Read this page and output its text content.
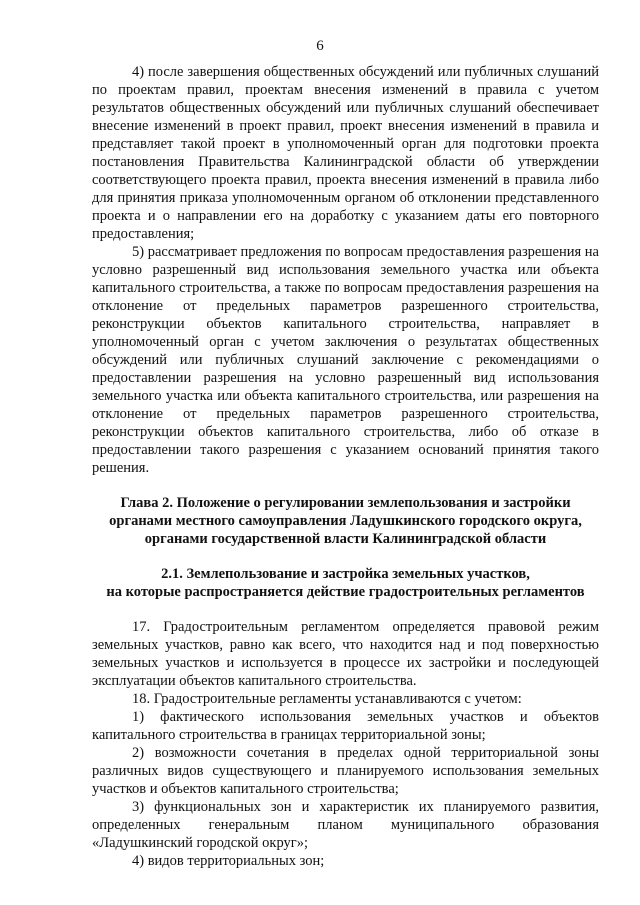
6

4) после завершения общественных обсуждений или публичных слушаний по проектам правил, проектам внесения изменений в правила с учетом результатов общественных обсуждений или публичных слушаний обеспечивает внесение изменений в проект правил, проект внесения изменений в правила и представляет такой проект в уполномоченный орган для подготовки проекта постановления Правительства Калининградской области об утверждении соответствующего проекта правил, проекта внесения изменений в правила либо для принятия приказа уполномоченным органом об отклонении представленного проекта и о направлении его на доработку с указанием даты его повторного предоставления;

5) рассматривает предложения по вопросам предоставления разрешения на условно разрешенный вид использования земельного участка или объекта капитального строительства, а также по вопросам предоставления разрешения на отклонение от предельных параметров разрешенного строительства, реконструкции объектов капитального строительства, направляет в уполномоченный орган с учетом заключения о результатах общественных обсуждений или публичных слушаний заключение с рекомендациями о предоставлении разрешения на условно разрешенный вид использования земельного участка или объекта капитального строительства, или разрешения на отклонение от предельных параметров разрешенного строительства, реконструкции объектов капитального строительства, либо об отказе в предоставлении такого разрешения с указанием оснований принятия такого решения.

Глава 2. Положение о регулировании землепользования и застройки

органами местного самоуправления Ладушкинского городского округа,

органами государственной власти Калининградской области

2.1. Землепользование и застройка земельных участков,

на которые распространяется действие градостроительных регламентов

17. Градостроительным регламентом определяется правовой режим земельных участков, равно как всего, что находится над и под поверхностью земельных участков и используется в процессе их застройки и последующей эксплуатации объектов капитального строительства.

18. Градостроительные регламенты устанавливаются с учетом:

1) фактического использования земельных участков и объектов капитального строительства в границах территориальной зоны;

2) возможности сочетания в пределах одной территориальной зоны различных видов существующего и планируемого использования земельных участков и объектов капитального строительства;

3) функциональных зон и характеристик их планируемого развития, определенных генеральным планом муниципального образования «Ладушкинский городской округ»;

4) видов территориальных зон;
